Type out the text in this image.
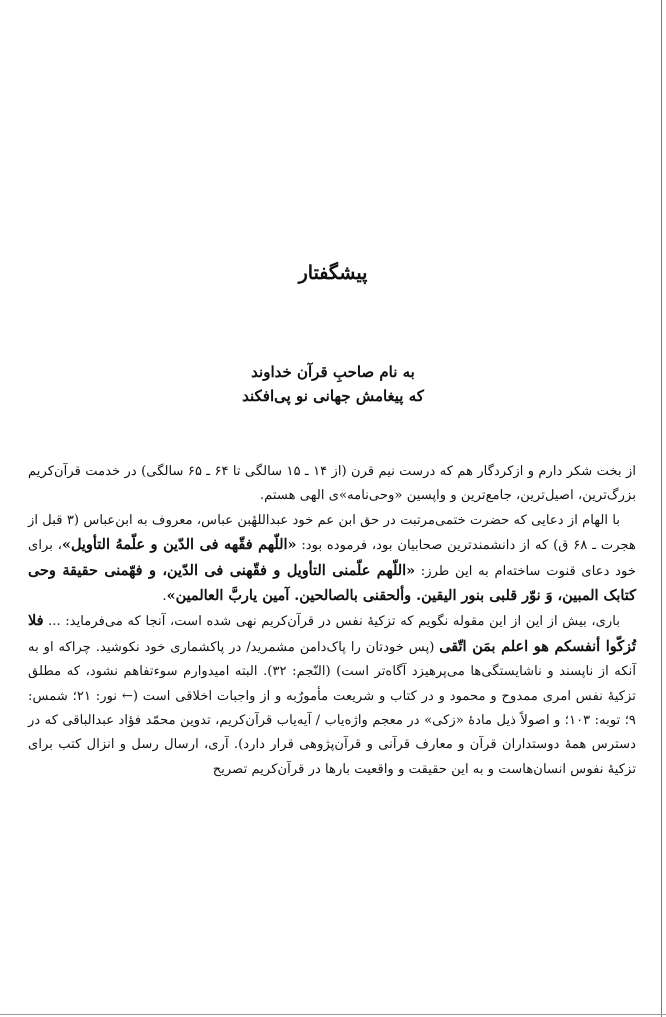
پیشگفتار
به نام صاحبِ قرآن خداوند
که پیغامش جهانی نو پی‌افکند

از بخت شکر دارم و ازکردگار هم که درست نیم قرن (از ۱۴ ـ ۱۵ سالگی تا ۶۴ ـ ۶۵ سالگی) در خدمت قرآن‌کریم بزرگ‌ترین، اصیل‌ترین، جامع‌ترین و واپسین «وحی‌نامه»ی الهی هستم.

با الهام از دعایی که حضرت ختمی‌مرتبت در حق ابن عم خود عبداللهٔبن عباس، معروف به ابن‌عباس (۳ قبل از هجرت ـ ۶۸ ق) که از دانشمندترین صحابیان بود، فرموده بود: «اللّهم فقّهه فی الدّین و علّمهُ التأویل»، برای خود دعای قنوت ساخته‌ام به این طرز: «اللّهم علّمنی التأویل و فقّهنی فی الدّین، و فهّمنی حقیقة وحی کتابک المبین، وَ نوّر قلبی بنور الیقین. وألحقنی بالصالحین. آمین یاربَّ العالمین».

باری، بیش از این از این مقوله نگویم که تزکیهٔ نفس در قرآن‌کریم نهی شده است، آنجا که می‌فرماید: ... فلا تُزکّوا أنفسکم هو اعلم بمَن اتّقی (پس خودتان را پاک‌دامن مشمرید/ در پاکشماری خود نکوشید. چراکه او به آنکه از ناپسند و ناشایستگی‌ها می‌پرهیزد آگاه‌تر است) (النّجم: ۳۲). البته امیدوارم سوءتفاهم نشود، که مطلق تزکیهٔ نفس امری ممدوح و محمود و در کتاب و شریعت مأمورٌبه و از واجبات اخلاقی است (← نور: ۲۱؛ شمس: ۹؛ توبه: ۱۰۳؛ و اصولاً ذیل مادهٔ «زکی» در معجم واژه‌یاب / آیه‌یاب قرآن‌کریم، تدوین محمّد فؤاد عبدالباقی که در دسترس همهٔ دوستداران قرآن و معارف قرآنی و قرآن‌پژوهی قرار دارد). آری، ارسال رسل و انزال کتب برای تزکیهٔ نفوس انسان‌هاست و به این حقیقت و واقعیت بارها در قرآن‌کریم تصریح
